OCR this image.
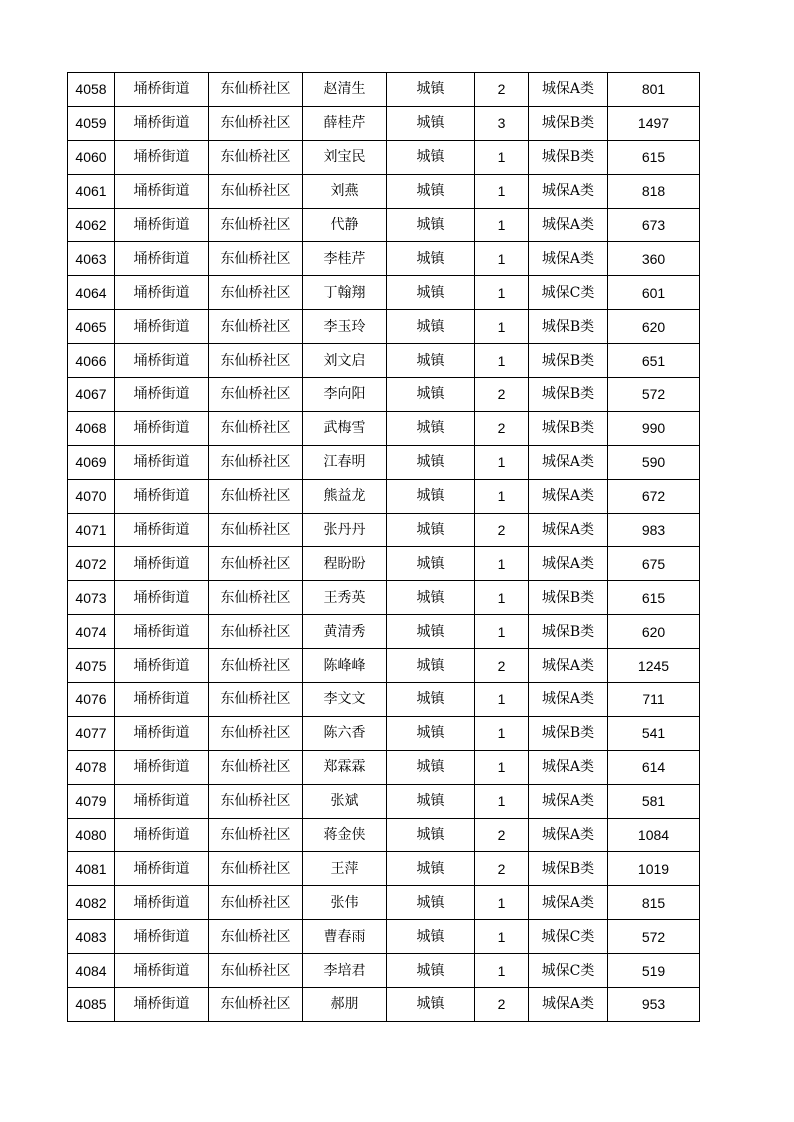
4058	埇桥街道	东仙桥社区	赵清生	城镇	2	城保A类	801
4059	埇桥街道	东仙桥社区	薛桂芹	城镇	3	城保B类	1497
4060	埇桥街道	东仙桥社区	刘宝民	城镇	1	城保B类	615
4061	埇桥街道	东仙桥社区	刘燕	城镇	1	城保A类	818
4062	埇桥街道	东仙桥社区	代静	城镇	1	城保A类	673
4063	埇桥街道	东仙桥社区	李桂芹	城镇	1	城保A类	360
4064	埇桥街道	东仙桥社区	丁翰翔	城镇	1	城保C类	601
4065	埇桥街道	东仙桥社区	李玉玲	城镇	1	城保B类	620
4066	埇桥街道	东仙桥社区	刘文启	城镇	1	城保B类	651
4067	埇桥街道	东仙桥社区	李向阳	城镇	2	城保B类	572
4068	埇桥街道	东仙桥社区	武梅雪	城镇	2	城保B类	990
4069	埇桥街道	东仙桥社区	江春明	城镇	1	城保A类	590
4070	埇桥街道	东仙桥社区	熊益龙	城镇	1	城保A类	672
4071	埇桥街道	东仙桥社区	张丹丹	城镇	2	城保A类	983
4072	埇桥街道	东仙桥社区	程盼盼	城镇	1	城保A类	675
4073	埇桥街道	东仙桥社区	王秀英	城镇	1	城保B类	615
4074	埇桥街道	东仙桥社区	黄清秀	城镇	1	城保B类	620
4075	埇桥街道	东仙桥社区	陈峰峰	城镇	2	城保A类	1245
4076	埇桥街道	东仙桥社区	李文文	城镇	1	城保A类	711
4077	埇桥街道	东仙桥社区	陈六香	城镇	1	城保B类	541
4078	埇桥街道	东仙桥社区	郑霖霖	城镇	1	城保A类	614
4079	埇桥街道	东仙桥社区	张斌	城镇	1	城保A类	581
4080	埇桥街道	东仙桥社区	蒋金侠	城镇	2	城保A类	1084
4081	埇桥街道	东仙桥社区	王萍	城镇	2	城保B类	1019
4082	埇桥街道	东仙桥社区	张伟	城镇	1	城保A类	815
4083	埇桥街道	东仙桥社区	曹春雨	城镇	1	城保C类	572
4084	埇桥街道	东仙桥社区	李培君	城镇	1	城保C类	519
4085	埇桥街道	东仙桥社区	郝朋	城镇	2	城保A类	953
